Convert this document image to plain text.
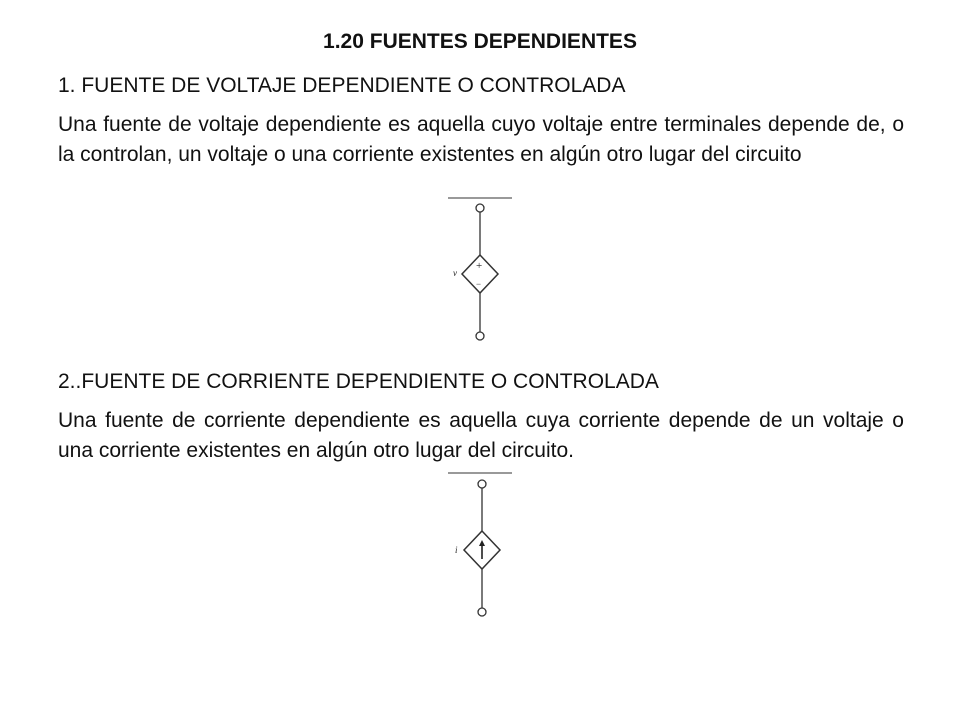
1.20 FUENTES DEPENDIENTES
1. FUENTE DE VOLTAJE DEPENDIENTE O CONTROLADA
Una fuente de voltaje dependiente es aquella cuyo voltaje entre terminales depende de, o la controlan, un voltaje o una corriente existentes en algún otro lugar del circuito
+
−
v
2..FUENTE DE CORRIENTE DEPENDIENTE O CONTROLADA
Una fuente de corriente dependiente es aquella cuya corriente depende de un voltaje o una corriente existentes en algún otro lugar del circuito.
i
